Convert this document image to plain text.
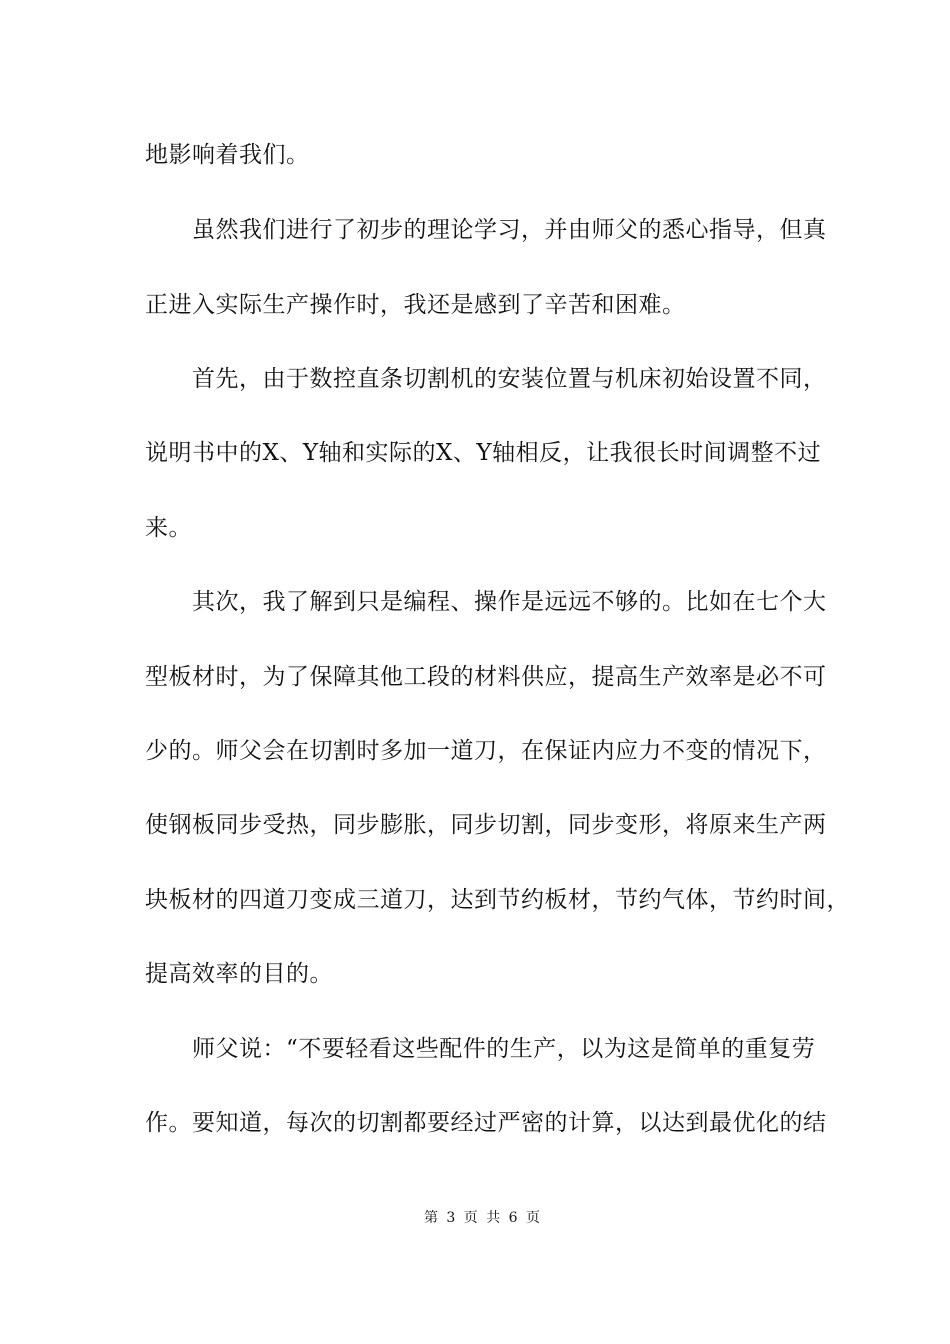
地影响着我们。
虽然我们进行了初步的理论学习，并由师父的悉心指导，但真
正进入实际生产操作时，我还是感到了辛苦和困难。
首先，由于数控直条切割机的安装位置与机床初始设置不同，
说明书中的X、Y轴和实际的X、Y轴相反，让我很长时间调整不过
来。
其次，我了解到只是编程、操作是远远不够的。比如在七个大
型板材时，为了保障其他工段的材料供应，提高生产效率是必不可
少的。师父会在切割时多加一道刀，在保证内应力不变的情况下，
使钢板同步受热，同步膨胀，同步切割，同步变形，将原来生产两
块板材的四道刀变成三道刀，达到节约板材，节约气体，节约时间，
提高效率的目的。
师父说：“不要轻看这些配件的生产，以为这是简单的重复劳
作。要知道，每次的切割都要经过严密的计算，以达到最优化的结
第 3 页 共 6 页
